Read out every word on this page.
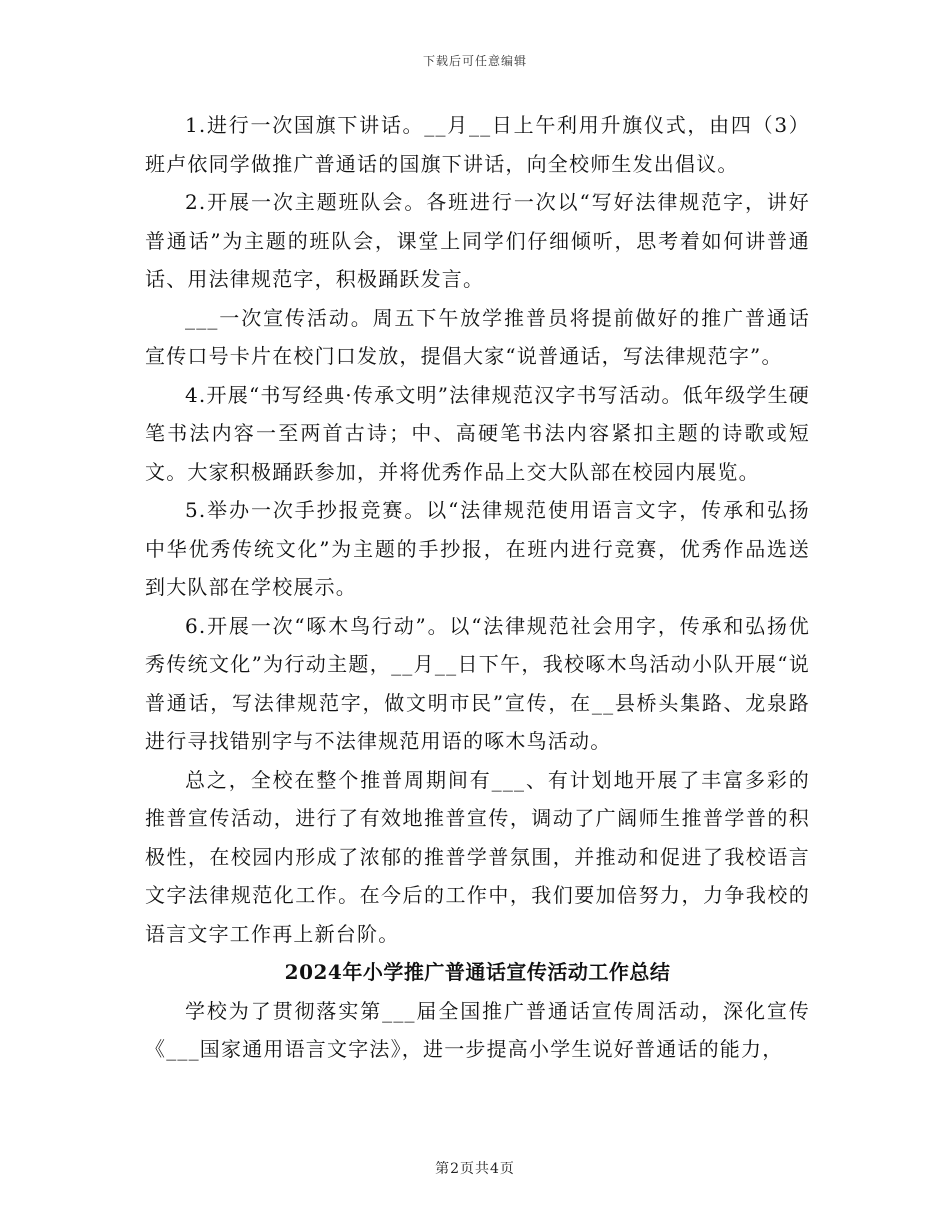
下载后可任意编辑

1.进行一次国旗下讲话。__月__日上午利用升旗仪式，由四（3）班卢依同学做推广普通话的国旗下讲话，向全校师生发出倡议。

2.开展一次主题班队会。各班进行一次以“写好法律规范字，讲好普通话”为主题的班队会，课堂上同学们仔细倾听，思考着如何讲普通话、用法律规范字，积极踊跃发言。

___一次宣传活动。周五下午放学推普员将提前做好的推广普通话宣传口号卡片在校门口发放，提倡大家“说普通话，写法律规范字”。

4.开展“书写经典·传承文明”法律规范汉字书写活动。低年级学生硬笔书法内容一至两首古诗；中、高硬笔书法内容紧扣主题的诗歌或短文。大家积极踊跃参加，并将优秀作品上交大队部在校园内展览。

5.举办一次手抄报竞赛。以“法律规范使用语言文字，传承和弘扬中华优秀传统文化”为主题的手抄报，在班内进行竞赛，优秀作品选送到大队部在学校展示。

6.开展一次“啄木鸟行动”。以“法律规范社会用字，传承和弘扬优秀传统文化”为行动主题，__月__日下午，我校啄木鸟活动小队开展“说普通话，写法律规范字，做文明市民”宣传，在__县桥头集路、龙泉路进行寻找错别字与不法律规范用语的啄木鸟活动。

总之，全校在整个推普周期间有___、有计划地开展了丰富多彩的推普宣传活动，进行了有效地推普宣传，调动了广阔师生推普学普的积极性，在校园内形成了浓郁的推普学普氛围，并推动和促进了我校语言文字法律规范化工作。在今后的工作中，我们要加倍努力，力争我校的语言文字工作再上新台阶。

2024年小学推广普通话宣传活动工作总结

学校为了贯彻落实第___届全国推广普通话宣传周活动，深化宣传《___国家通用语言文字法》，进一步提高小学生说好普通话的能力，

第2页共4页
